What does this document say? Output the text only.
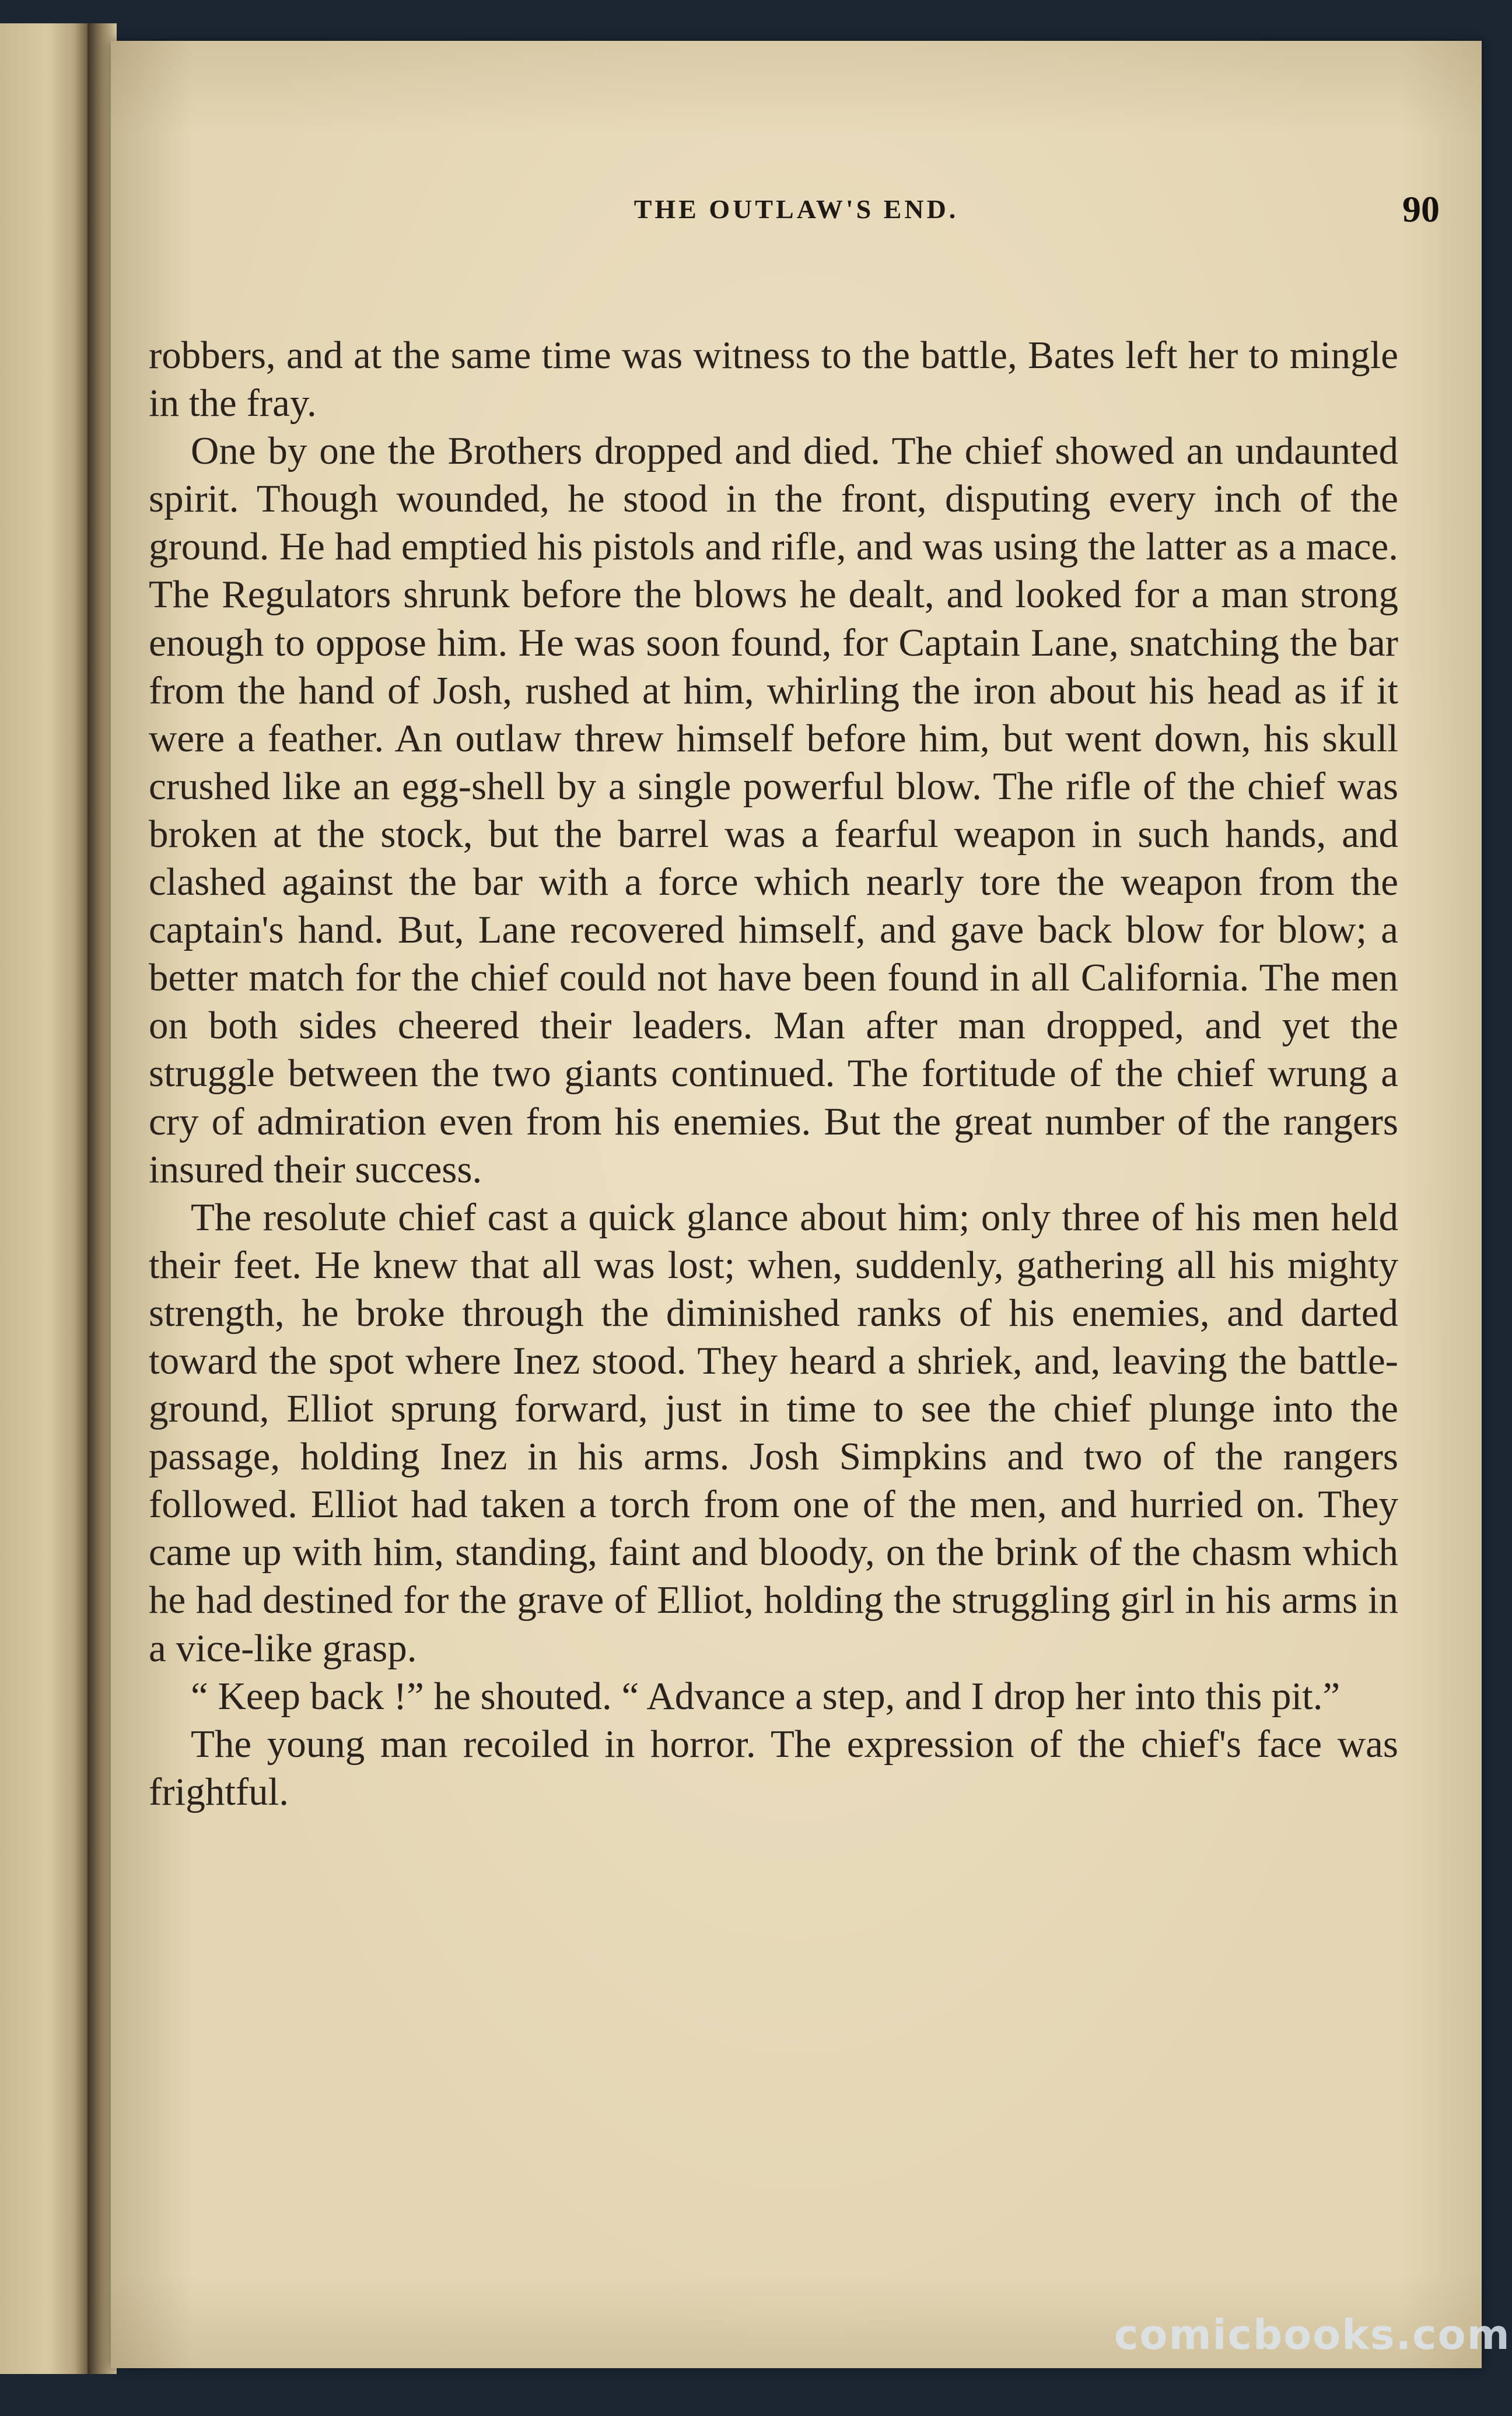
THE OUTLAW'S END.	90

robbers, and at the same time was witness to the battle, Bates left her to mingle in the fray.

One by one the Brothers dropped and died. The chief showed an undaunted spirit. Though wounded, he stood in the front, disputing every inch of the ground. He had emptied his pistols and rifle, and was using the latter as a mace. The Regulators shrunk before the blows he dealt, and looked for a man strong enough to oppose him. He was soon found, for Captain Lane, snatching the bar from the hand of Josh, rushed at him, whirling the iron about his head as if it were a feather. An outlaw threw himself before him, but went down, his skull crushed like an egg-shell by a single powerful blow. The rifle of the chief was broken at the stock, but the barrel was a fearful weapon in such hands, and clashed against the bar with a force which nearly tore the weapon from the captain's hand. But, Lane recovered himself, and gave back blow for blow; a better match for the chief could not have been found in all California. The men on both sides cheered their leaders. Man after man dropped, and yet the struggle between the two giants continued. The fortitude of the chief wrung a cry of admiration even from his enemies. But the great number of the rangers insured their success.

The resolute chief cast a quick glance about him; only three of his men held their feet. He knew that all was lost; when, suddenly, gathering all his mighty strength, he broke through the diminished ranks of his enemies, and darted toward the spot where Inez stood. They heard a shriek, and, leaving the battle-ground, Elliot sprung forward, just in time to see the chief plunge into the passage, holding Inez in his arms. Josh Simpkins and two of the rangers followed. Elliot had taken a torch from one of the men, and hurried on. They came up with him, standing, faint and bloody, on the brink of the chasm which he had destined for the grave of Elliot, holding the struggling girl in his arms in a vice-like grasp.

“ Keep back !” he shouted. “ Advance a step, and I drop her into this pit.”

The young man recoiled in horror. The expression of the chief's face was frightful.

comicbooks.com
